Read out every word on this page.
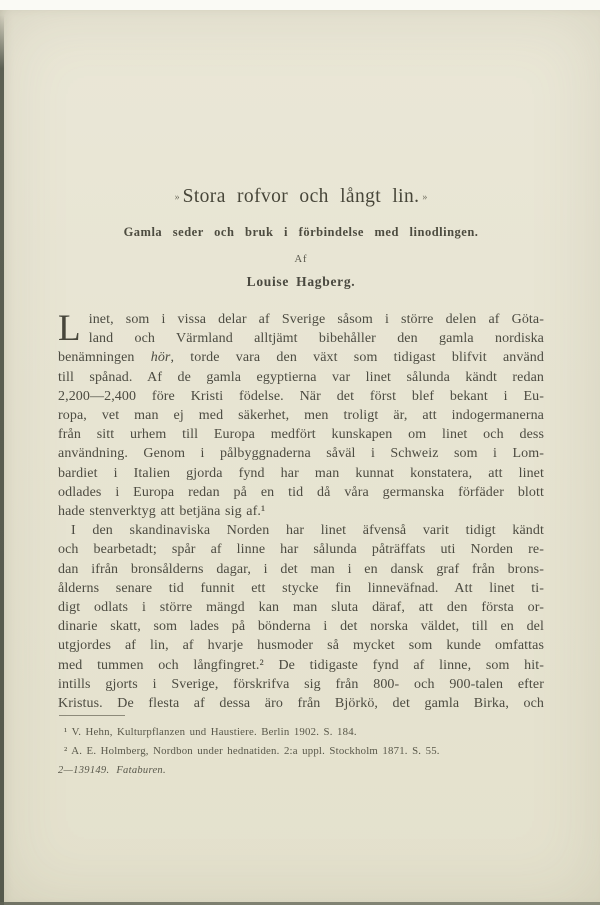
» Stora rofvor och långt lin. »
Gamla seder och bruk i förbindelse med linodlingen.
Af
Louise Hagberg.
L inet, som i vissa delar af Sverige såsom i större delen af Göta-
land och Värmland alltjämt bibehåller den gamla nordiska
benämningen hör, torde vara den växt som tidigast blifvit använd
till spånad. Af de gamla egyptierna var linet sålunda kändt redan
2,200—2,400 före Kristi födelse. När det först blef bekant i Eu-
ropa, vet man ej med säkerhet, men troligt är, att indogermanerna
från sitt urhem till Europa medfört kunskapen om linet och dess
användning. Genom i pålbyggnaderna såväl i Schweiz som i Lom-
bardiet i Italien gjorda fynd har man kunnat konstatera, att linet
odlades i Europa redan på en tid då våra germanska förfäder blott
hade stenverktyg att betjäna sig af.¹
I den skandinaviska Norden har linet äfvenså varit tidigt kändt
och bearbetadt; spår af linne har sålunda påträffats uti Norden re-
dan ifrån bronsålderns dagar, i det man i en dansk graf från brons-
ålderns senare tid funnit ett stycke fin linneväfnad. Att linet ti-
digt odlats i större mängd kan man sluta däraf, att den första or-
dinarie skatt, som lades på bönderna i det norska väldet, till en del
utgjordes af lin, af hvarje husmoder så mycket som kunde omfattas
med tummen och långfingret.² De tidigaste fynd af linne, som hit-
intills gjorts i Sverige, förskrifva sig från 800- och 900-talen efter
Kristus. De flesta af dessa äro från Björkö, det gamla Birka, och
¹ V. Hehn, Kulturpflanzen und Haustiere. Berlin 1902. S. 184.
² A. E. Holmberg, Nordbon under hednatiden. 2:a uppl. Stockholm 1871. S. 55.
2—139149. Fataburen.
